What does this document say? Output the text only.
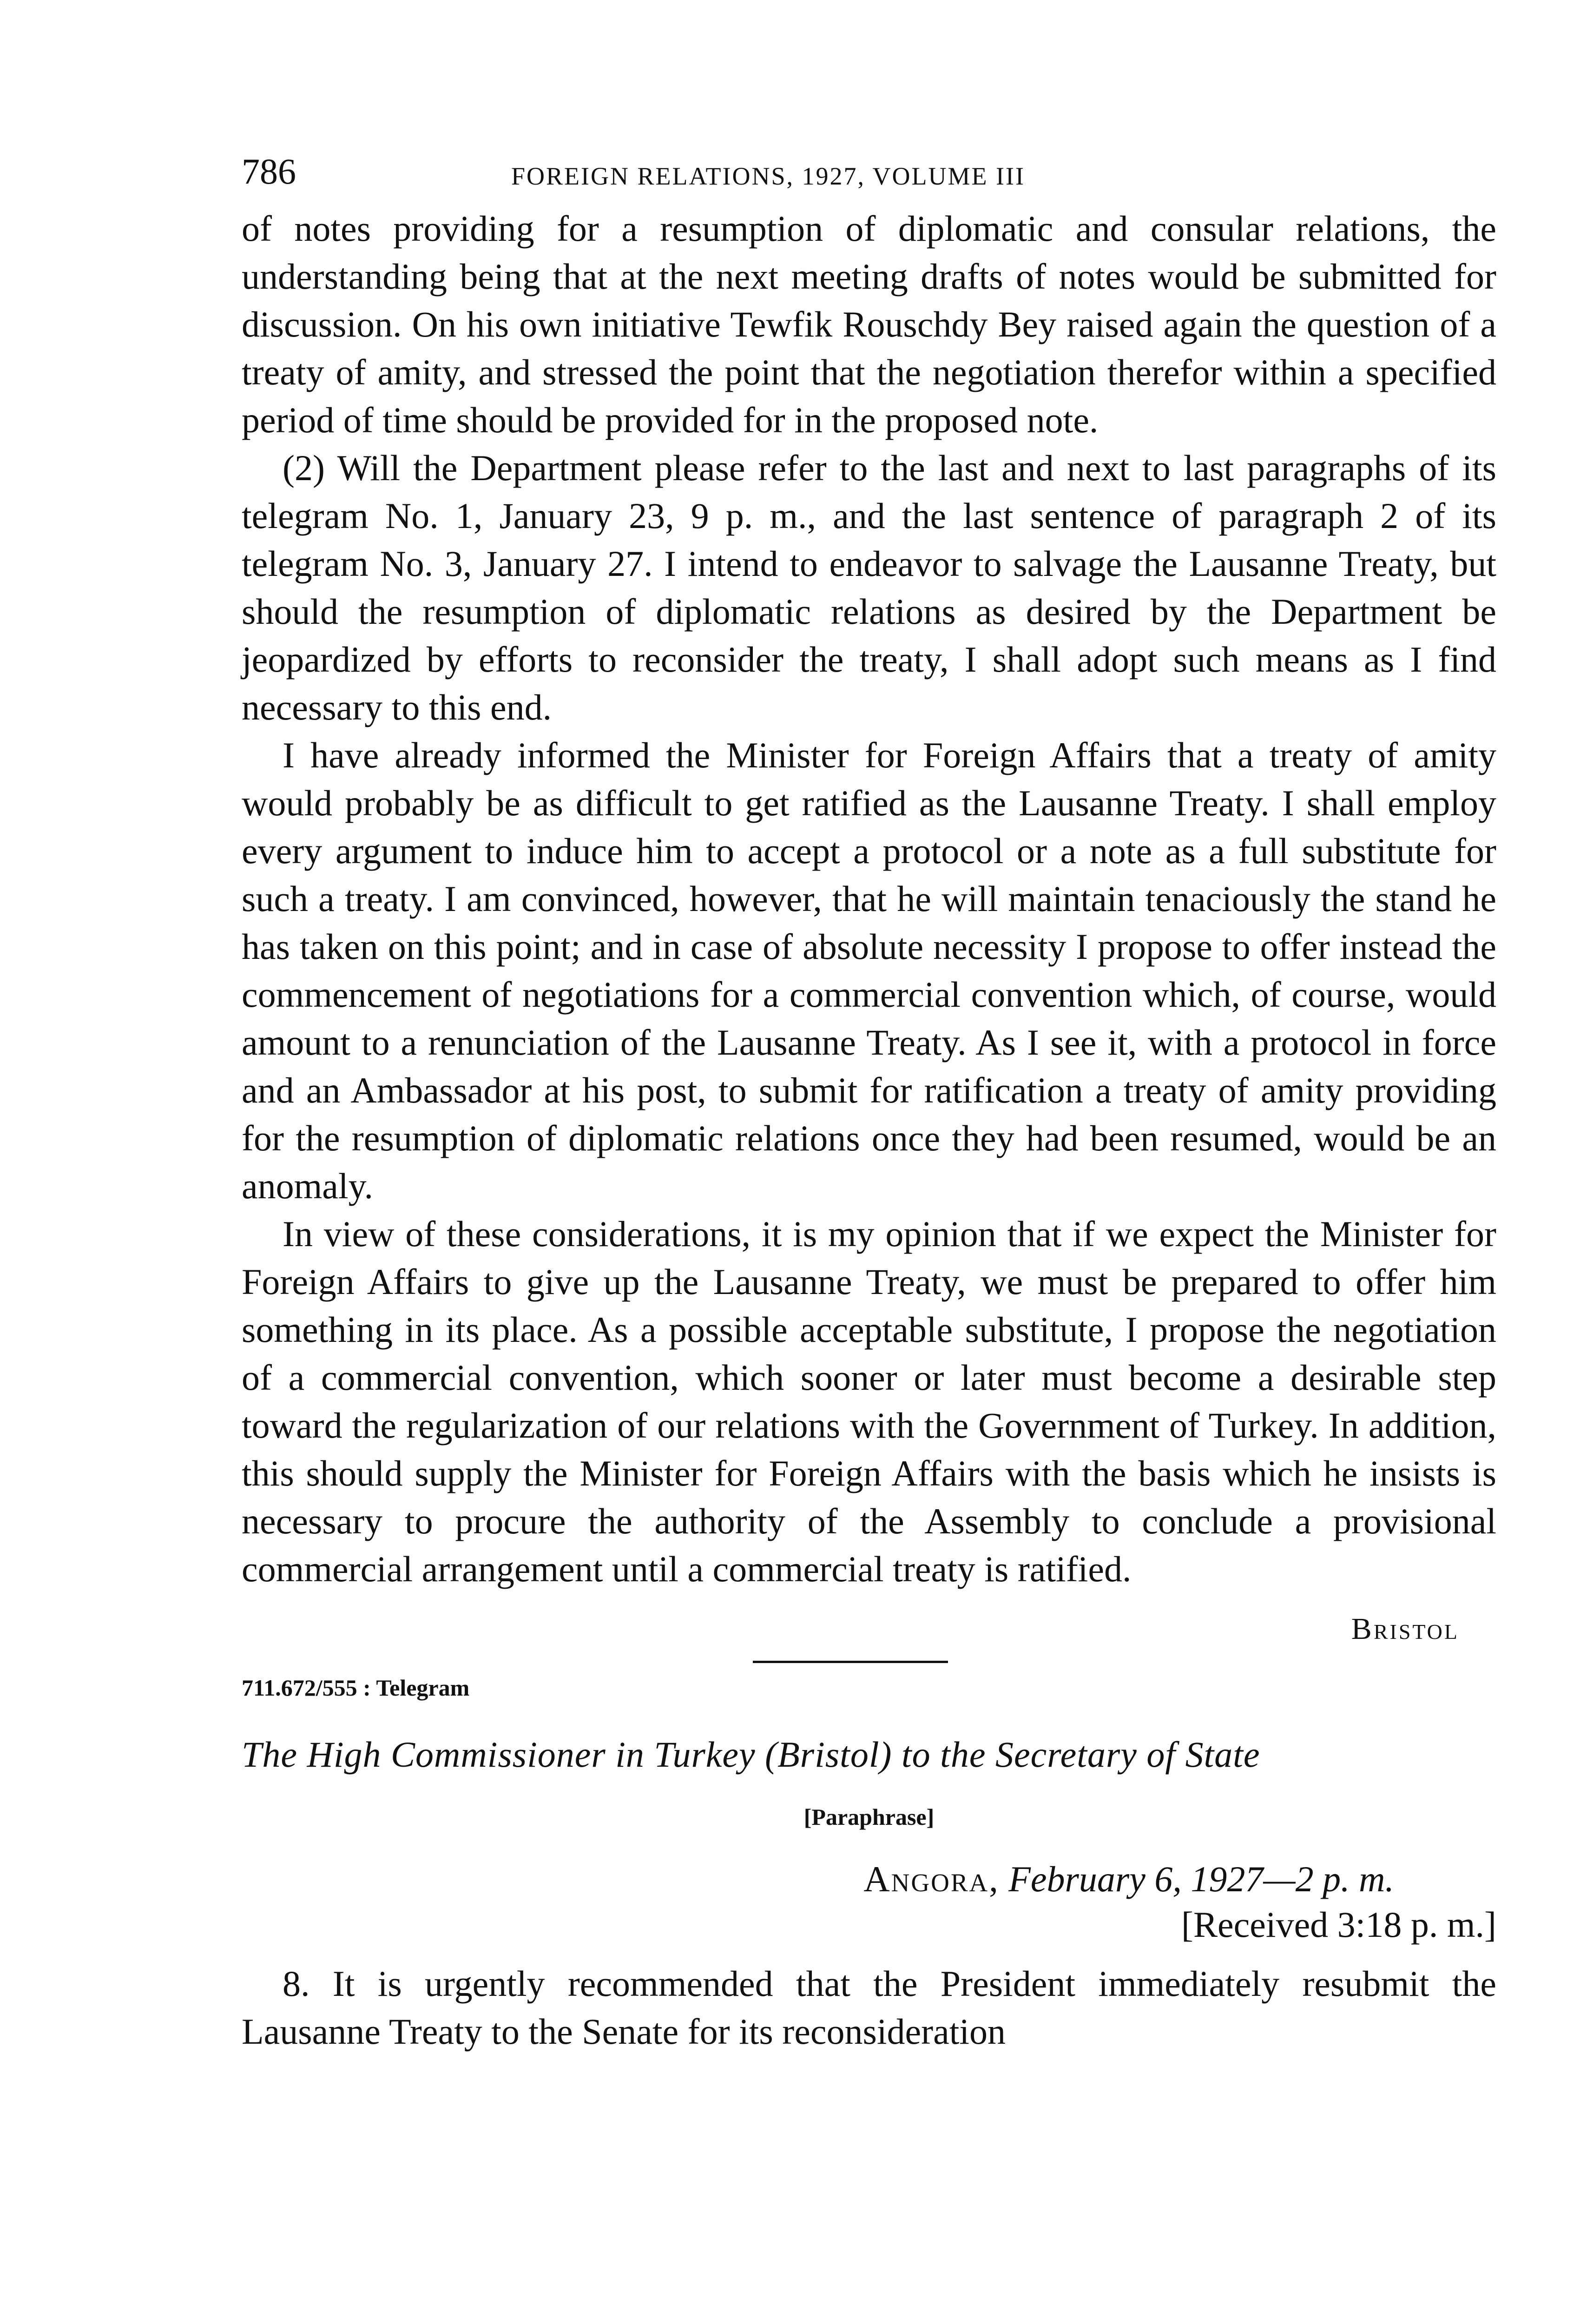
786	FOREIGN RELATIONS, 1927, VOLUME III
of notes providing for a resumption of diplomatic and consular relations, the understanding being that at the next meeting drafts of notes would be submitted for discussion. On his own initiative Tewfik Rouschdy Bey raised again the question of a treaty of amity, and stressed the point that the negotiation therefor within a specified period of time should be provided for in the proposed note.
(2) Will the Department please refer to the last and next to last paragraphs of its telegram No. 1, January 23, 9 p. m., and the last sentence of paragraph 2 of its telegram No. 3, January 27. I intend to endeavor to salvage the Lausanne Treaty, but should the resumption of diplomatic relations as desired by the Department be jeopardized by efforts to reconsider the treaty, I shall adopt such means as I find necessary to this end.
I have already informed the Minister for Foreign Affairs that a treaty of amity would probably be as difficult to get ratified as the Lausanne Treaty. I shall employ every argument to induce him to accept a protocol or a note as a full substitute for such a treaty. I am convinced, however, that he will maintain tenaciously the stand he has taken on this point; and in case of absolute necessity I propose to offer instead the commencement of negotiations for a commercial convention which, of course, would amount to a renunciation of the Lausanne Treaty. As I see it, with a protocol in force and an Ambassador at his post, to submit for ratification a treaty of amity providing for the resumption of diplomatic relations once they had been resumed, would be an anomaly.
In view of these considerations, it is my opinion that if we expect the Minister for Foreign Affairs to give up the Lausanne Treaty, we must be prepared to offer him something in its place. As a possible acceptable substitute, I propose the negotiation of a commercial convention, which sooner or later must become a desirable step toward the regularization of our relations with the Government of Turkey. In addition, this should supply the Minister for Foreign Affairs with the basis which he insists is necessary to procure the authority of the Assembly to conclude a provisional commercial arrangement until a commercial treaty is ratified.
Bristol
711.672/555 : Telegram
The High Commissioner in Turkey (Bristol) to the Secretary of State
[Paraphrase]
Angora, February 6, 1927—2 p. m.
[Received 3:18 p. m.]
8. It is urgently recommended that the President immediately resubmit the Lausanne Treaty to the Senate for its reconsideration
